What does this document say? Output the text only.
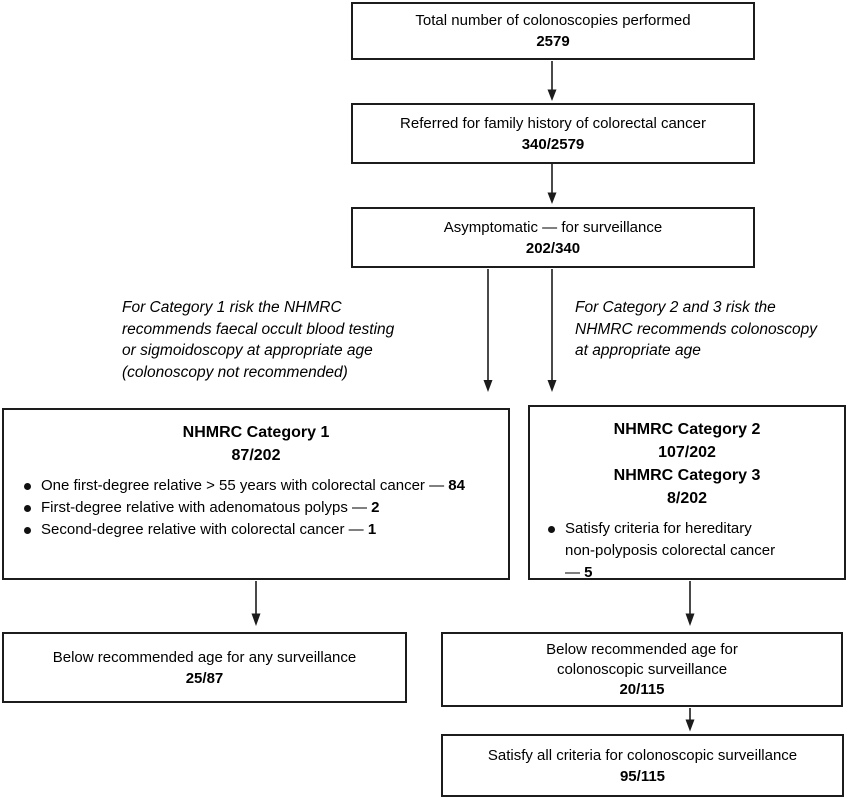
Total number of colonoscopies performed
2579
Referred for family history of colorectal cancer
340/2579
Asymptomatic — for surveillance
202/340
For Category 1 risk the NHMRC
recommends faecal occult blood testing
or sigmoidoscopy at appropriate age
(colonoscopy not recommended)
For Category 2 and 3 risk the
NHMRC recommends colonoscopy
at appropriate age
NHMRC Category 1
87/202
One first-degree relative > 55 years with colorectal cancer — 84
First-degree relative with adenomatous polyps — 2
Second-degree relative with colorectal cancer — 1
NHMRC Category 2
107/202
NHMRC Category 3
8/202
Satisfy criteria for hereditary non-polyposis colorectal cancer — 5
Below recommended age for any surveillance
25/87
Below recommended age for colonoscopic surveillance
20/115
Satisfy all criteria for colonoscopic surveillance
95/115
